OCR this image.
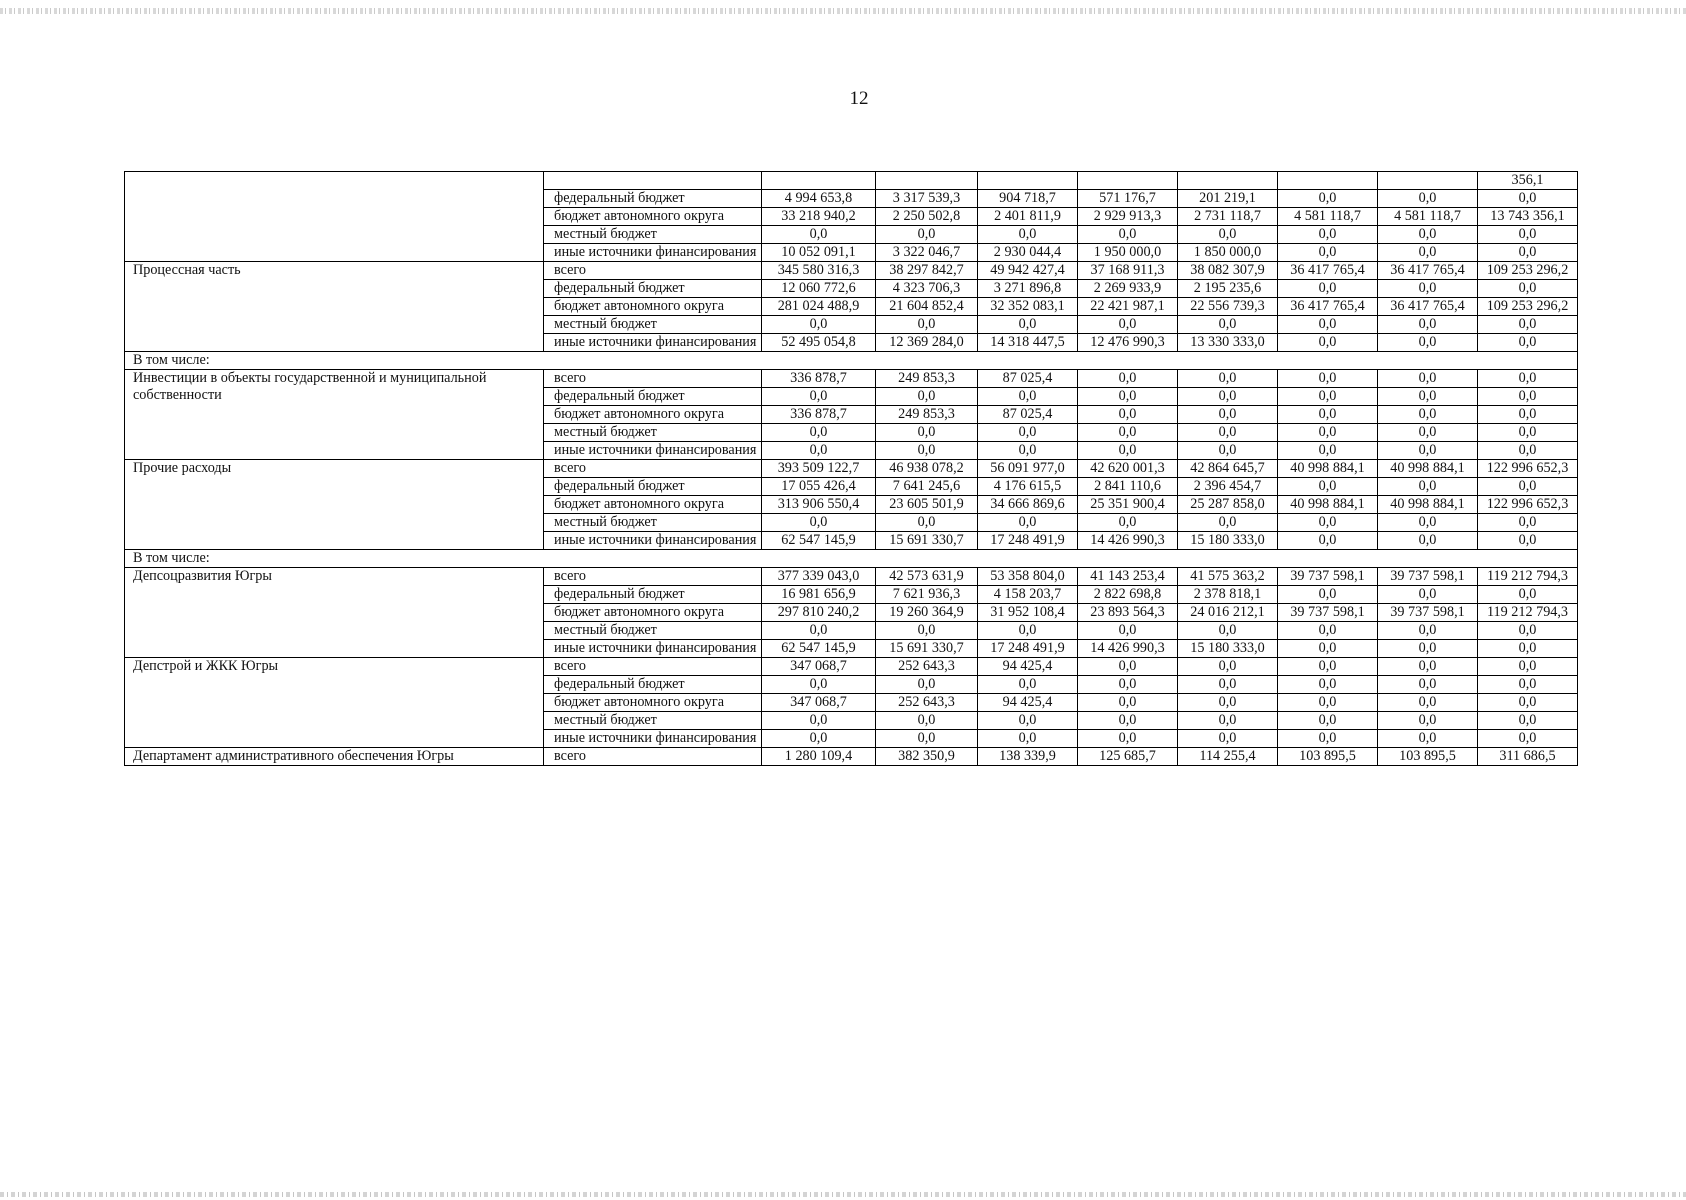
12
									356,1
	федеральный бюджет	4 994 653,8	3 317 539,3	904 718,7	571 176,7	201 219,1	0,0	0,0	0,0
	бюджет автономного округа	33 218 940,2	2 250 502,8	2 401 811,9	2 929 913,3	2 731 118,7	4 581 118,7	4 581 118,7	13 743 356,1
	местный бюджет	0,0	0,0	0,0	0,0	0,0	0,0	0,0	0,0
	иные источники финансирования	10 052 091,1	3 322 046,7	2 930 044,4	1 950 000,0	1 850 000,0	0,0	0,0	0,0
Процессная часть	всего	345 580 316,3	38 297 842,7	49 942 427,4	37 168 911,3	38 082 307,9	36 417 765,4	36 417 765,4	109 253 296,2
	федеральный бюджет	12 060 772,6	4 323 706,3	3 271 896,8	2 269 933,9	2 195 235,6	0,0	0,0	0,0
	бюджет автономного округа	281 024 488,9	21 604 852,4	32 352 083,1	22 421 987,1	22 556 739,3	36 417 765,4	36 417 765,4	109 253 296,2
	местный бюджет	0,0	0,0	0,0	0,0	0,0	0,0	0,0	0,0
	иные источники финансирования	52 495 054,8	12 369 284,0	14 318 447,5	12 476 990,3	13 330 333,0	0,0	0,0	0,0
В том числе:									
Инвестиции в объекты государственной и муниципальной собственности	всего	336 878,7	249 853,3	87 025,4	0,0	0,0	0,0	0,0	0,0
	федеральный бюджет	0,0	0,0	0,0	0,0	0,0	0,0	0,0	0,0
	бюджет автономного округа	336 878,7	249 853,3	87 025,4	0,0	0,0	0,0	0,0	0,0
	местный бюджет	0,0	0,0	0,0	0,0	0,0	0,0	0,0	0,0
	иные источники финансирования	0,0	0,0	0,0	0,0	0,0	0,0	0,0	0,0
Прочие расходы	всего	393 509 122,7	46 938 078,2	56 091 977,0	42 620 001,3	42 864 645,7	40 998 884,1	40 998 884,1	122 996 652,3
	федеральный бюджет	17 055 426,4	7 641 245,6	4 176 615,5	2 841 110,6	2 396 454,7	0,0	0,0	0,0
	бюджет автономного округа	313 906 550,4	23 605 501,9	34 666 869,6	25 351 900,4	25 287 858,0	40 998 884,1	40 998 884,1	122 996 652,3
	местный бюджет	0,0	0,0	0,0	0,0	0,0	0,0	0,0	0,0
	иные источники финансирования	62 547 145,9	15 691 330,7	17 248 491,9	14 426 990,3	15 180 333,0	0,0	0,0	0,0
В том числе:									
Депсоцразвития Югры	всего	377 339 043,0	42 573 631,9	53 358 804,0	41 143 253,4	41 575 363,2	39 737 598,1	39 737 598,1	119 212 794,3
	федеральный бюджет	16 981 656,9	7 621 936,3	4 158 203,7	2 822 698,8	2 378 818,1	0,0	0,0	0,0
	бюджет автономного округа	297 810 240,2	19 260 364,9	31 952 108,4	23 893 564,3	24 016 212,1	39 737 598,1	39 737 598,1	119 212 794,3
	местный бюджет	0,0	0,0	0,0	0,0	0,0	0,0	0,0	0,0
	иные источники финансирования	62 547 145,9	15 691 330,7	17 248 491,9	14 426 990,3	15 180 333,0	0,0	0,0	0,0
Депстрой и ЖКК Югры	всего	347 068,7	252 643,3	94 425,4	0,0	0,0	0,0	0,0	0,0
	федеральный бюджет	0,0	0,0	0,0	0,0	0,0	0,0	0,0	0,0
	бюджет автономного округа	347 068,7	252 643,3	94 425,4	0,0	0,0	0,0	0,0	0,0
	местный бюджет	0,0	0,0	0,0	0,0	0,0	0,0	0,0	0,0
	иные источники финансирования	0,0	0,0	0,0	0,0	0,0	0,0	0,0	0,0
Департамент административного обеспечения Югры	всего	1 280 109,4	382 350,9	138 339,9	125 685,7	114 255,4	103 895,5	103 895,5	311 686,5
